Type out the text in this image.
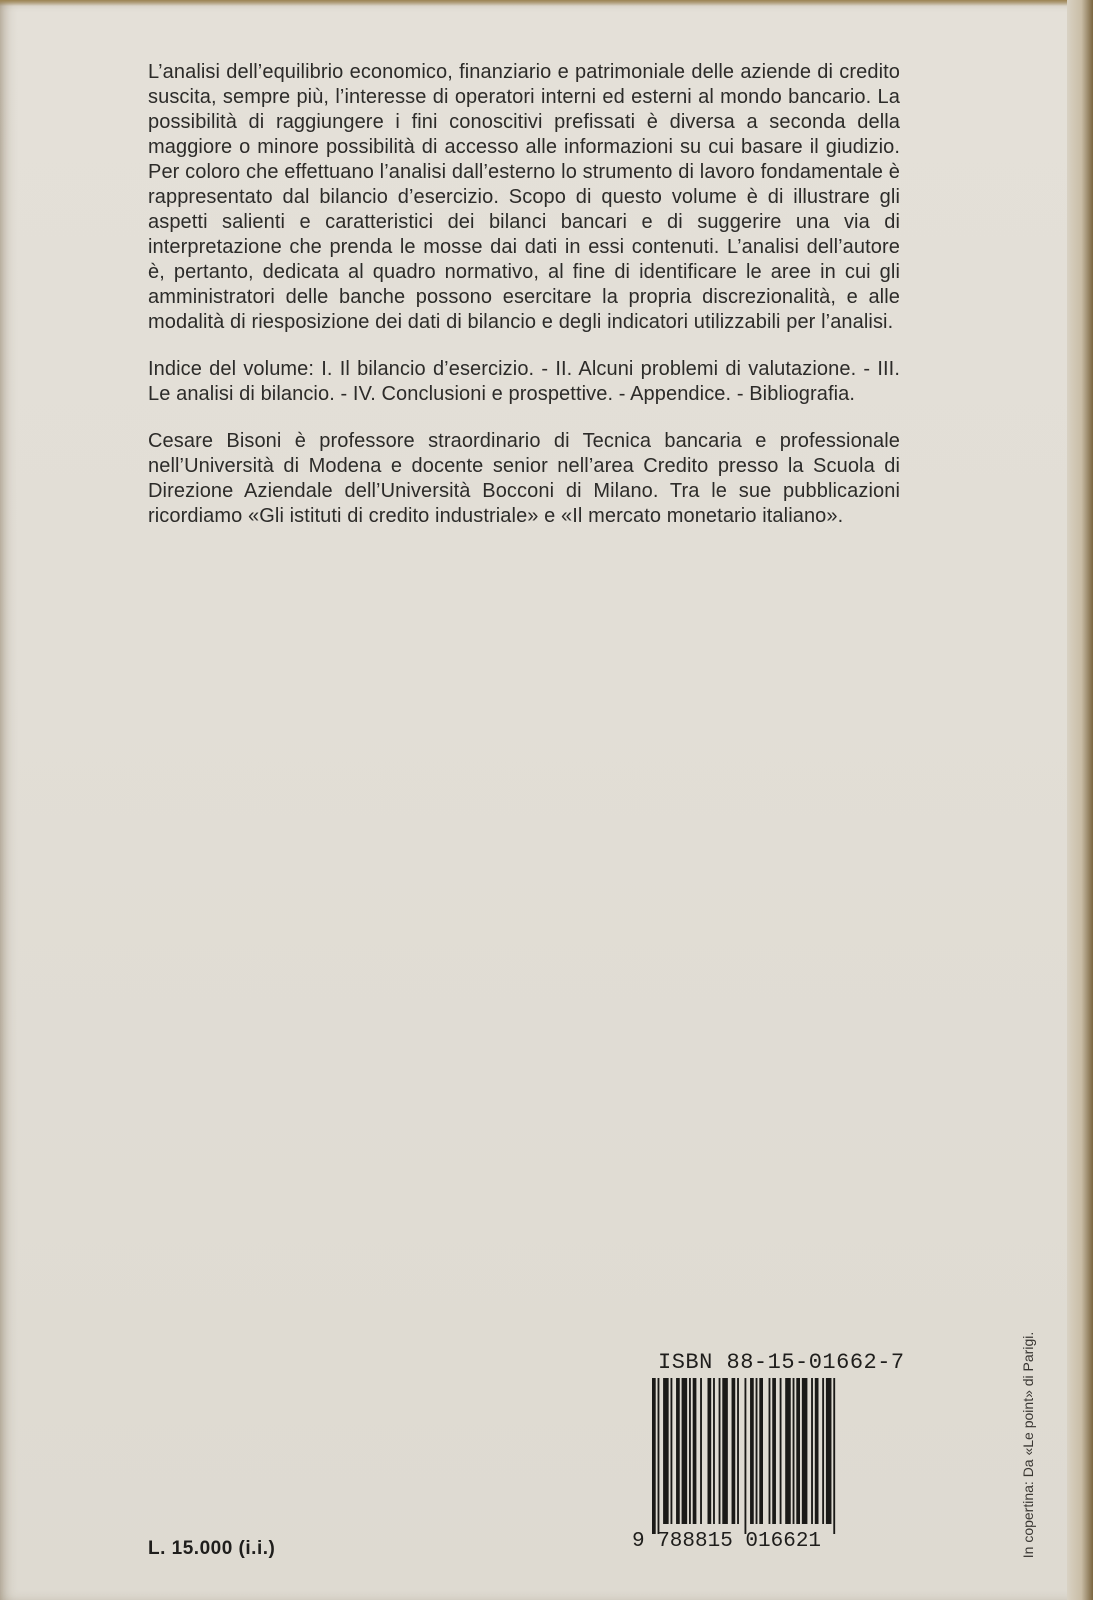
L’analisi dell’equilibrio economico, finanziario e patrimoniale delle aziende di credito suscita, sempre più, l’interesse di operatori interni ed esterni al mondo bancario. La possibilità di raggiungere i fini conoscitivi prefissati è diversa a seconda della maggiore o minore possibilità di accesso alle informazioni su cui basare il giudizio. Per coloro che effettuano l’analisi dall’esterno lo strumento di lavoro fondamentale è rappresentato dal bilancio d’esercizio. Scopo di questo volume è di illustrare gli aspetti salienti e caratteristici dei bilanci bancari e di suggerire una via di interpretazione che prenda le mosse dai dati in essi contenuti. L’analisi dell’autore è, pertanto, dedicata al quadro normativo, al fine di identificare le aree in cui gli amministratori delle banche possono esercitare la propria discrezionalità, e alle modalità di riesposizione dei dati di bilancio e degli indicatori utilizzabili per l’analisi.

Indice del volume: I. Il bilancio d’esercizio. - II. Alcuni problemi di valutazione. - III. Le analisi di bilancio. - IV. Conclusioni e prospettive. - Appendice. - Bibliografia.

Cesare Bisoni è professore straordinario di Tecnica bancaria e professionale nell’Università di Modena e docente senior nell’area Credito presso la Scuola di Direzione Aziendale dell’Università Bocconi di Milano. Tra le sue pubblicazioni ricordiamo «Gli istituti di credito industriale» e «Il mercato monetario italiano».

ISBN 88-15-01662-7
9 788815 016621
L. 15.000 (i.i.)	In copertina: Da «Le point» di Parigi.
